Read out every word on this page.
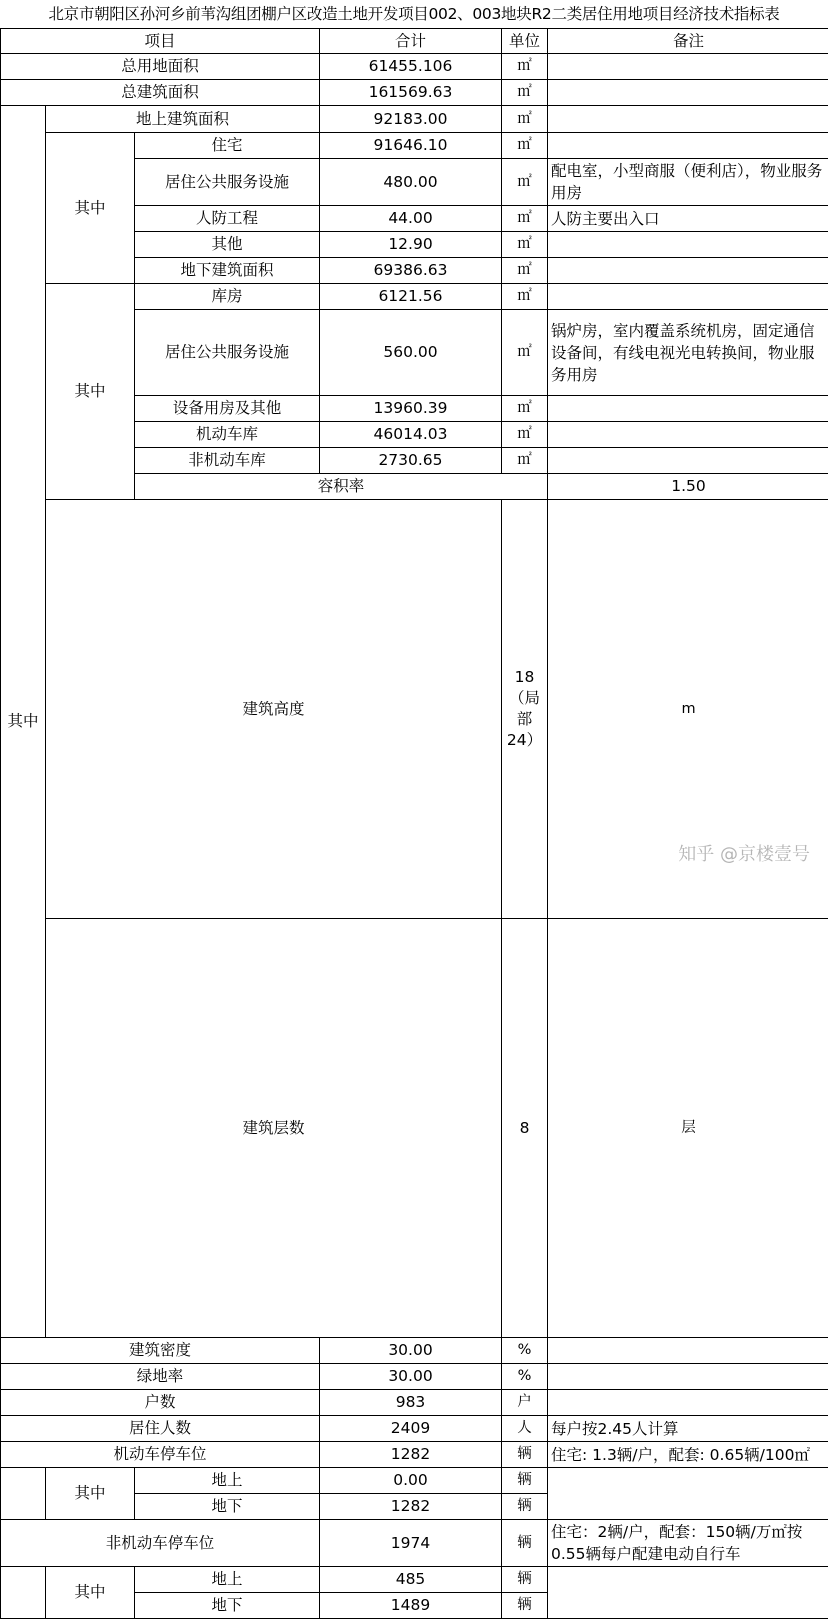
北京市朝阳区孙河乡前苇沟组团棚户区改造土地开发项目002、003地块R2二类居住用地项目经济技术指标表
项目			合计	单位	备注	
总用地面积			61455.106	㎡		
总建筑面积			161569.63	㎡		
其中	地上建筑面积		92183.00	㎡		
	其中	住宅	91646.10	㎡		
		居住公共服务设施	480.00	㎡	配电室，小型商服（便利店），物业服务用房	
		人防工程	44.00	㎡	人防主要出入口	
		其他	12.90	㎡		
		地下建筑面积	69386.63	㎡		
	其中	库房	6121.56	㎡		
		居住公共服务设施	560.00	㎡	锅炉房，室内覆盖系统机房，固定通信设备间，有线电视光电转换间，物业服务用房	
		设备用房及其他	13960.39	㎡		
		机动车库	46014.03	㎡		
		非机动车库	2730.65	㎡		
		容积率			1.50		
	建筑高度			18（局部24）	m	
	建筑层数			8	层	
建筑密度			30.00	%		
绿地率			30.00	%		
户数			983	户		
居住人数			2409	人	每户按2.45人计算	
机动车停车位			1282	辆	住宅: 1.3辆/户，配套: 0.65辆/100㎡	
	其中	地上	0.00	辆		
		地下	1282	辆		
非机动车停车位			1974	辆	住宅：2辆/户，配套：150辆/万㎡按0.55辆每户配建电动自行车	
	其中	地上	485	辆		
		地下	1489	辆		
知乎 @京楼壹号
